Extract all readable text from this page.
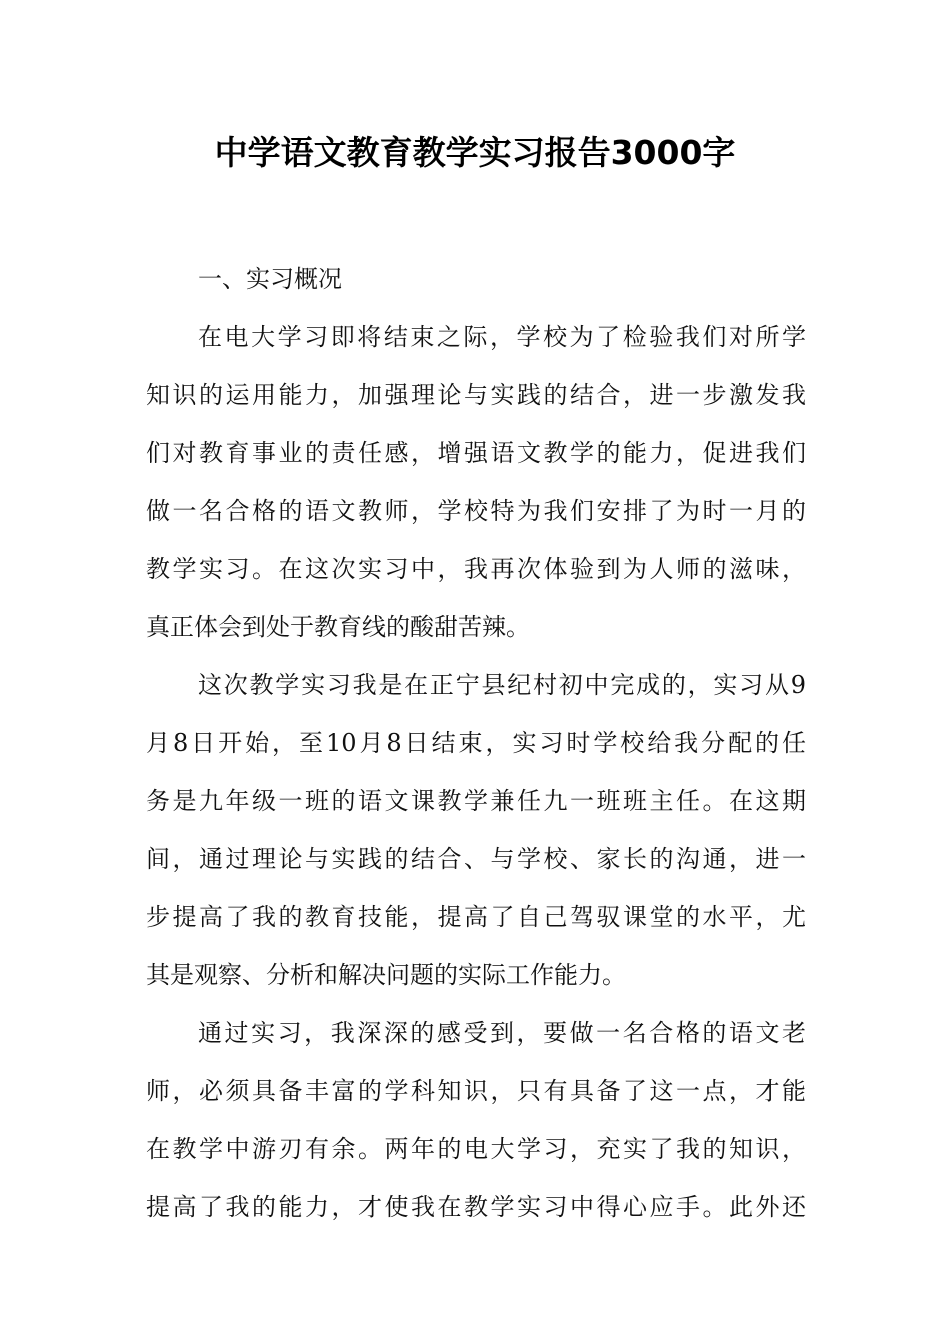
中学语文教育教学实习报告3000字
一、实习概况
在电大学习即将结束之际，学校为了检验我们对所学
知识的运用能力，加强理论与实践的结合，进一步激发我
们对教育事业的责任感，增强语文教学的能力，促进我们
做一名合格的语文教师，学校特为我们安排了为时一月的
教学实习。在这次实习中，我再次体验到为人师的滋味，
真正体会到处于教育线的酸甜苦辣。
这次教学实习我是在正宁县纪村初中完成的，实习从9
月8日开始，至10月8日结束，实习时学校给我分配的任
务是九年级一班的语文课教学兼任九一班班主任。在这期
间，通过理论与实践的结合、与学校、家长的沟通，进一
步提高了我的教育技能，提高了自己驾驭课堂的水平，尤
其是观察、分析和解决问题的实际工作能力。
通过实习，我深深的感受到，要做一名合格的语文老
师，必须具备丰富的学科知识，只有具备了这一点，才能
在教学中游刃有余。两年的电大学习，充实了我的知识，
提高了我的能力，才使我在教学实习中得心应手。此外还
